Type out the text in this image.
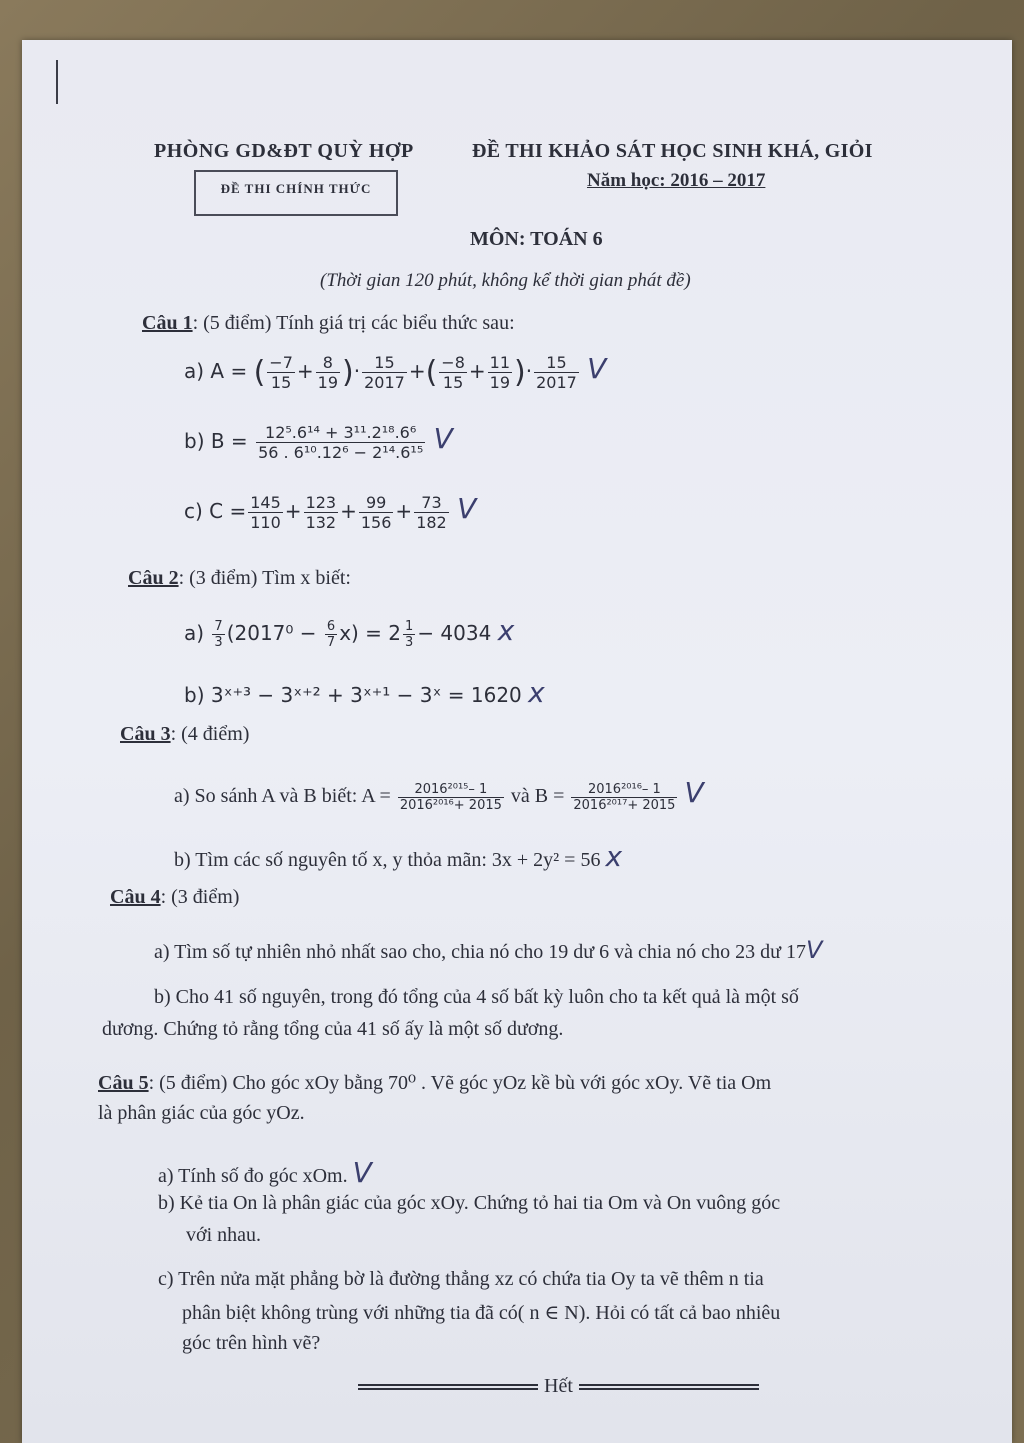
PHÒNG GD&ĐT QUỲ HỢP	ĐỀ THI KHẢO SÁT HỌC SINH KHÁ, GIỎI
ĐỀ THI CHÍNH THỨC	Năm học: 2016 – 2017
MÔN: TOÁN 6
(Thời gian 120 phút, không kể thời gian phát đề)
Câu 1: (5 điểm) Tính giá trị các biểu thức sau:
a) A = ( $\frac{-7}{15} + \frac{8}{19}$ )· $\frac{15}{2017}$ +( $\frac{-8}{15} + \frac{11}{19}$ )· $\frac{15}{2017}$ V
b) $B = \frac{\text{12⁵.6¹⁴ + 3¹¹.2¹⁸.6⁶}}{\text{56 . 6¹⁰.12⁶ − 2¹⁴.6¹⁵}}$ V
c) $C = \frac{145}{110} + \frac{123}{132} + \frac{99}{156} + \frac{73}{182}$ V
Câu 2: (3 điểm) Tìm x biết:
$a) \frac{7}{3} (2017^0 - \frac{6}{7} x) = 2 \frac{1}{3} - 4034$ x
b) 3ˣ⁺³ − 3ˣ⁺² + 3ˣ⁺¹ − 3ˣ = 1620 x
Câu 3: (4 điểm)
a) So sánh A và B biết: $A = \frac{\text{2016²⁰¹⁵– 1}}{\text{2016²⁰¹⁶+ 2015}}$ và $B = \frac{\text{2016²⁰¹⁶– 1}}{\text{2016²⁰¹⁷+ 2015}}$ V
b) Tìm các số nguyên tố x, y thỏa mãn: 3x + 2y² = 56 x
Câu 4: (3 điểm)
a) Tìm số tự nhiên nhỏ nhất sao cho, chia nó cho 19 dư 6 và chia nó cho 23 dư 17V
b) Cho 41 số nguyên, trong đó tổng của 4 số bất kỳ luôn cho ta kết quả là một số
dương. Chứng tỏ rằng tổng của 41 số ấy là một số dương.
Câu 5: (5 điểm) Cho góc xOy bằng 70⁰ . Vẽ góc yOz kề bù với góc xOy. Vẽ tia Om
là phân giác của góc yOz.
a) Tính số đo góc xOm. V
b) Kẻ tia On là phân giác của góc xOy. Chứng tỏ hai tia Om và On vuông góc
với nhau.
c) Trên nửa mặt phẳng bờ là đường thẳng xz có chứa tia Oy ta vẽ thêm n tia
phân biệt không trùng với những tia đã có( n ∈ N). Hỏi có tất cả bao nhiêu
góc trên hình vẽ?
Hết
